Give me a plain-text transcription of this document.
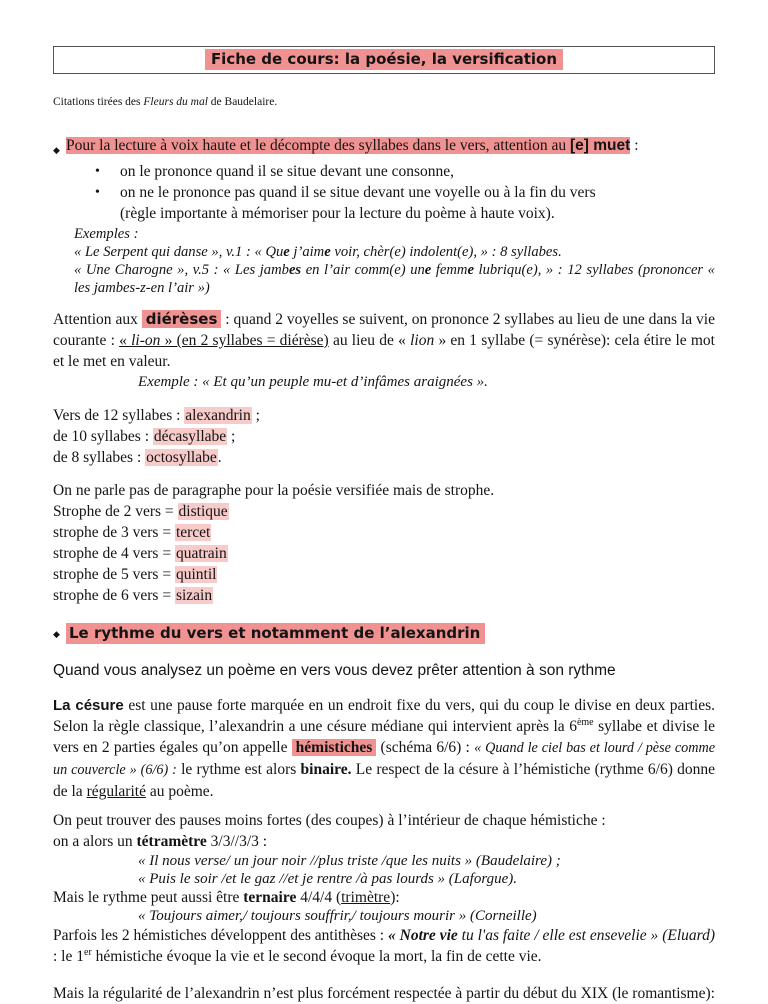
Fiche de cours: la poésie, la versification
Citations tirées des Fleurs du mal de Baudelaire.
◆ Pour la lecture à voix haute et le décompte des syllabes dans le vers, attention au [e] muet :
•	on le prononce quand il se situe devant une consonne,
•	on ne le prononce pas quand il se situe devant une voyelle ou à la fin du vers
(règle importante à mémoriser pour la lecture du poème à haute voix).
Exemples :
« Le Serpent qui danse », v.1 : « Que j’aime voir, chèr(e) indolent(e), » : 8 syllabes.
« Une Charogne », v.5 : « Les jambes en l’air comm(e) une femme lubriqu(e), » : 12 syllabes (prononcer « les jambes-z-en l’air »)
Attention aux diérèses : quand 2 voyelles se suivent, on prononce 2 syllabes au lieu de une dans la vie courante : « li-on » (en 2 syllabes = diérèse) au lieu de « lion » en 1 syllabe (= synérèse): cela étire le mot et le met en valeur.
Exemple : « Et qu’un peuple mu-et d’infâmes araignées ».
Vers de 12 syllabes : alexandrin ;
de 10 syllabes : décasyllabe ;
de 8 syllabes : octosyllabe.
On ne parle pas de paragraphe pour la poésie versifiée mais de strophe.
Strophe de 2 vers = distique
strophe de 3 vers = tercet
strophe de 4 vers = quatrain
strophe de 5 vers = quintil
strophe de 6 vers = sizain
◆ Le rythme du vers et notamment de l’alexandrin
Quand vous analysez un poème en vers vous devez prêter attention à son rythme
La césure est une pause forte marquée en un endroit fixe du vers, qui du coup le divise en deux parties. Selon la règle classique, l’alexandrin a une césure médiane qui intervient après la 6ème syllabe et divise le vers en 2 parties égales qu’on appelle hémistiches (schéma 6/6) : « Quand le ciel bas et lourd / pèse comme un couvercle » (6/6) : le rythme est alors binaire. Le respect de la césure à l’hémistiche (rythme 6/6) donne de la régularité au poème.
On peut trouver des pauses moins fortes (des coupes) à l’intérieur de chaque hémistiche :
on a alors un tétramètre 3/3//3/3 :
« Il nous verse/ un jour noir //plus triste /que les nuits » (Baudelaire) ;
« Puis le soir /et le gaz //et je rentre /à pas lourds » (Laforgue).
Mais le rythme peut aussi être ternaire 4/4/4 (trimètre):
« Toujours aimer,/ toujours souffrir,/ toujours mourir » (Corneille)
Parfois les 2 hémistiches développent des antithèses : « Notre vie tu l'as faite / elle est ensevelie » (Eluard) : le 1er hémistiche évoque la vie et le second évoque la mort, la fin de cette vie.
Mais la régularité de l’alexandrin n’est plus forcément respectée à partir du début du XIX (le romantisme):
